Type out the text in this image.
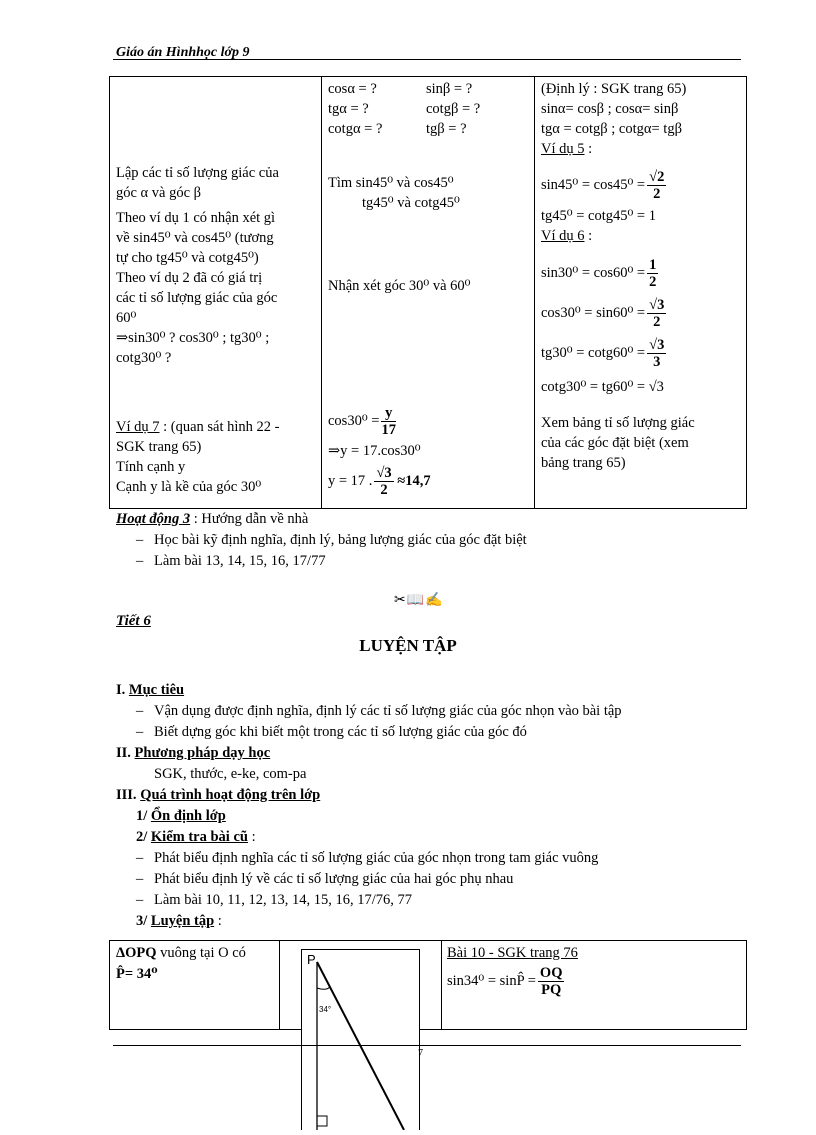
Giáo án Hìnhhọc lớp 9
Lập các tỉ số lượng giác của
góc α và góc β
Theo ví dụ 1 có nhận xét gì
về sin45⁰ và cos45⁰ (tương
tự cho tg45⁰ và cotg45⁰)
Theo ví dụ 2 đã có giá trị
các tỉ số lượng giác của góc
60⁰
⇒sin30⁰ ? cos30⁰ ; tg30⁰ ;
cotg30⁰ ?
Ví dụ 7 : (quan sát hình 22 -
SGK trang 65)
Tính cạnh y
Cạnh y là kề của góc 30⁰

cosα = ?	sinβ = ?
tgα = ?	cotgβ = ?
cotgα = ?	tgβ = ?
Tìm sin45⁰ và cos45⁰
tg45⁰ và cotg45⁰
Nhận xét góc 30⁰ và 60⁰
$\cos 30^0 = \frac{y}{17}$
⇒y = 17.cos30⁰
y = 17 . $\frac{√3}{2} \approx 14,7$

(Định lý : SGK trang 65)
sinα= cosβ ; cosα= sinβ
tgα = cotgβ ; cotgα= tgβ
Ví dụ 5 :
$\sin 45^0 = \cos 45^0 = \frac{√2}{2}$
tg45⁰ = cotg45⁰ = 1
Ví dụ 6 :
$\sin 30^0 = \cos 60^0 = \frac{1}{2}$
$\cos 30^0 = \sin 60^0 = \frac{√3}{2}$
$tg30^0 = \cot g60^0 = \frac{√3}{3}$
cotg30⁰ = tg60⁰ = √3
Xem bảng tỉ số lượng giác
của các góc đặt biệt (xem
bảng trang 65)
Hoạt động 3 : Hướng dẫn về nhà
– Học bài kỹ định nghĩa, định lý, bảng lượng giác của góc đặt biệt
– Làm bài 13, 14, 15, 16, 17/77
✂📖✍
Tiết 6
LUYỆN TẬP
I. Mục tiêu
– Vận dụng được định nghĩa, định lý các tỉ số lượng giác của góc nhọn vào bài tập
– Biết dựng góc khi biết một trong các tỉ số lượng giác của góc đó
II. Phương pháp dạy học
SGK, thước, e-ke, com-pa
III. Quá trình hoạt động trên lớp
1/ Ổn định lớp
2/ Kiểm tra bài cũ :
– Phát biểu định nghĩa các tỉ số lượng giác của góc nhọn trong tam giác vuông
– Phát biểu định lý về các tỉ số lượng giác của hai góc phụ nhau
– Làm bài 10, 11, 12, 13, 14, 15, 16, 17/76, 77
3/ Luyện tập :
ΔOPQ vuông tại O có
P̂= 34⁰

Bài 10 - SGK trang 76
sin34⁰ = sinP̂ = $\frac{OQ}{PQ}$
P
34°
7
